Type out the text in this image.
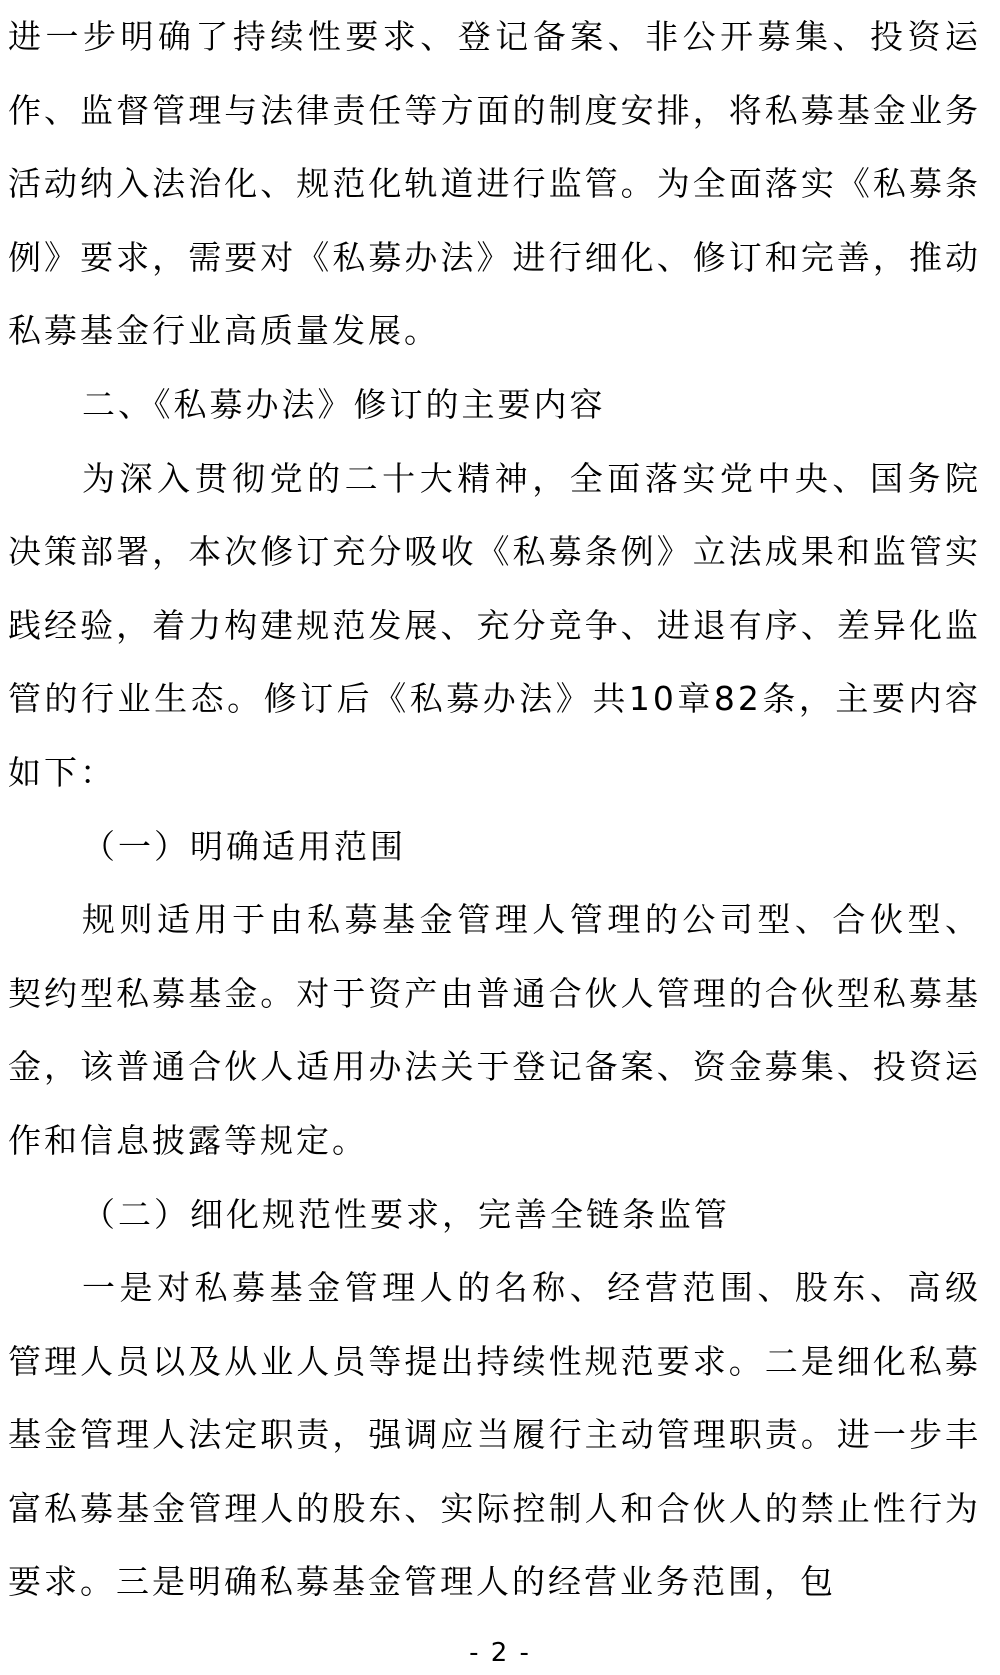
进一步明确了持续性要求、登记备案、非公开募集、投资运作、监督管理与法律责任等方面的制度安排，将私募基金业务活动纳入法治化、规范化轨道进行监管。为全面落实《私募条例》要求，需要对《私募办法》进行细化、修订和完善，推动私募基金行业高质量发展。

二、《私募办法》修订的主要内容

为深入贯彻党的二十大精神，全面落实党中央、国务院决策部署，本次修订充分吸收《私募条例》立法成果和监管实践经验，着力构建规范发展、充分竞争、进退有序、差异化监管的行业生态。修订后《私募办法》共10章82条，主要内容如下：

（一）明确适用范围

规则适用于由私募基金管理人管理的公司型、合伙型、契约型私募基金。对于资产由普通合伙人管理的合伙型私募基金，该普通合伙人适用办法关于登记备案、资金募集、投资运作和信息披露等规定。

（二）细化规范性要求，完善全链条监管

一是对私募基金管理人的名称、经营范围、股东、高级管理人员以及从业人员等提出持续性规范要求。二是细化私募基金管理人法定职责，强调应当履行主动管理职责。进一步丰富私募基金管理人的股东、实际控制人和合伙人的禁止性行为要求。三是明确私募基金管理人的经营业务范围，包

- 2 -
